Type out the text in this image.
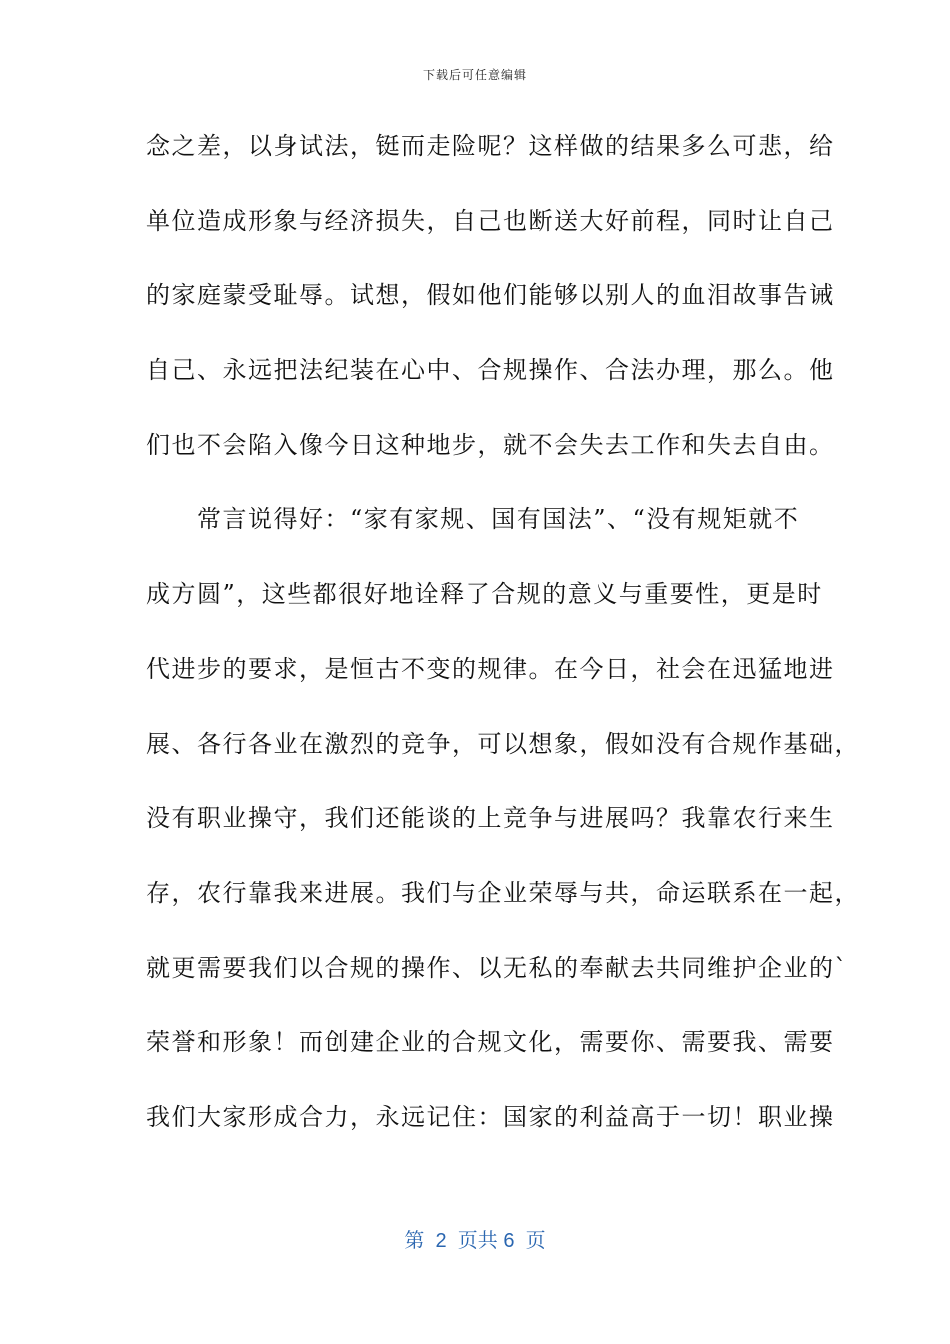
下载后可任意编辑
念之差，以身试法，铤而走险呢？这样做的结果多么可悲，给
单位造成形象与经济损失，自己也断送大好前程，同时让自己
的家庭蒙受耻辱。试想，假如他们能够以别人的血泪故事告诫
自己、永远把法纪装在心中、合规操作、合法办理，那么。他
们也不会陷入像今日这种地步，就不会失去工作和失去自由。
　　常言说得好：“家有家规、国有国法”、“没有规矩就不
成方圆”，这些都很好地诠释了合规的意义与重要性，更是时
代进步的要求，是恒古不变的规律。在今日，社会在迅猛地进
展、各行各业在激烈的竞争，可以想象，假如没有合规作基础，
没有职业操守，我们还能谈的上竞争与进展吗？我靠农行来生
存，农行靠我来进展。我们与企业荣辱与共，命运联系在一起，
就更需要我们以合规的操作、以无私的奉献去共同维护企业的`
荣誉和形象！而创建企业的合规文化，需要你、需要我、需要
我们大家形成合力，永远记住：国家的利益高于一切！职业操
第  2  页共 6  页
